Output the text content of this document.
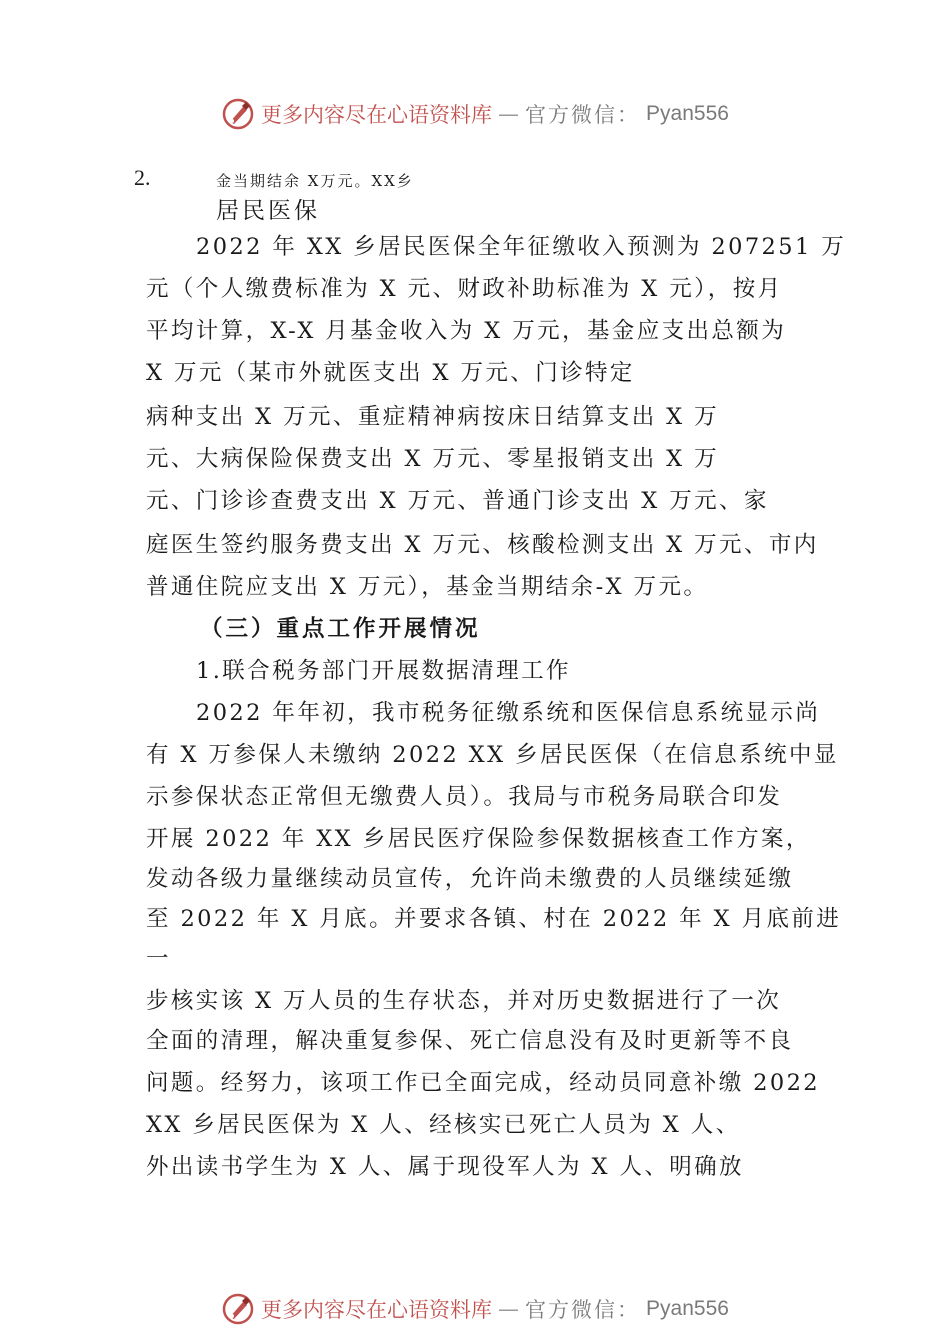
更多内容尽在心语资料库 — 官方微信： Pyan556
2.	金当期结余 X万元。XX乡
居民医保
2022 年 XX 乡居民医保全年征缴收入预测为 207251 万
元（个人缴费标准为 X 元、财政补助标准为 X 元），按月
平均计算，X-X 月基金收入为 X 万元，基金应支出总额为
X 万元（某市外就医支出 X 万元、门诊特定
病种支出 X 万元、重症精神病按床日结算支出 X 万
元、大病保险保费支出 X 万元、零星报销支出 X 万
元、门诊诊查费支出 X 万元、普通门诊支出 X 万元、家
庭医生签约服务费支出 X 万元、核酸检测支出 X 万元、市内
普通住院应支出 X 万元），基金当期结余-X 万元。
（三）重点工作开展情况
1.联合税务部门开展数据清理工作
2022 年年初，我市税务征缴系统和医保信息系统显示尚
有 X 万参保人未缴纳 2022 XX 乡居民医保（在信息系统中显
示参保状态正常但无缴费人员）。我局与市税务局联合印发
开展 2022 年 XX 乡居民医疗保险参保数据核查工作方案，
发动各级力量继续动员宣传，允许尚未缴费的人员继续延缴
至 2022 年 X 月底。并要求各镇、村在 2022 年 X 月底前进
一
步核实该 X 万人员的生存状态，并对历史数据进行了一次
全面的清理，解决重复参保、死亡信息没有及时更新等不良
问题。经努力，该项工作已全面完成，经动员同意补缴 2022
XX 乡居民医保为 X 人、经核实已死亡人员为 X 人、
外出读书学生为 X 人、属于现役军人为 X 人、明确放
更多内容尽在心语资料库 — 官方微信： Pyan556
